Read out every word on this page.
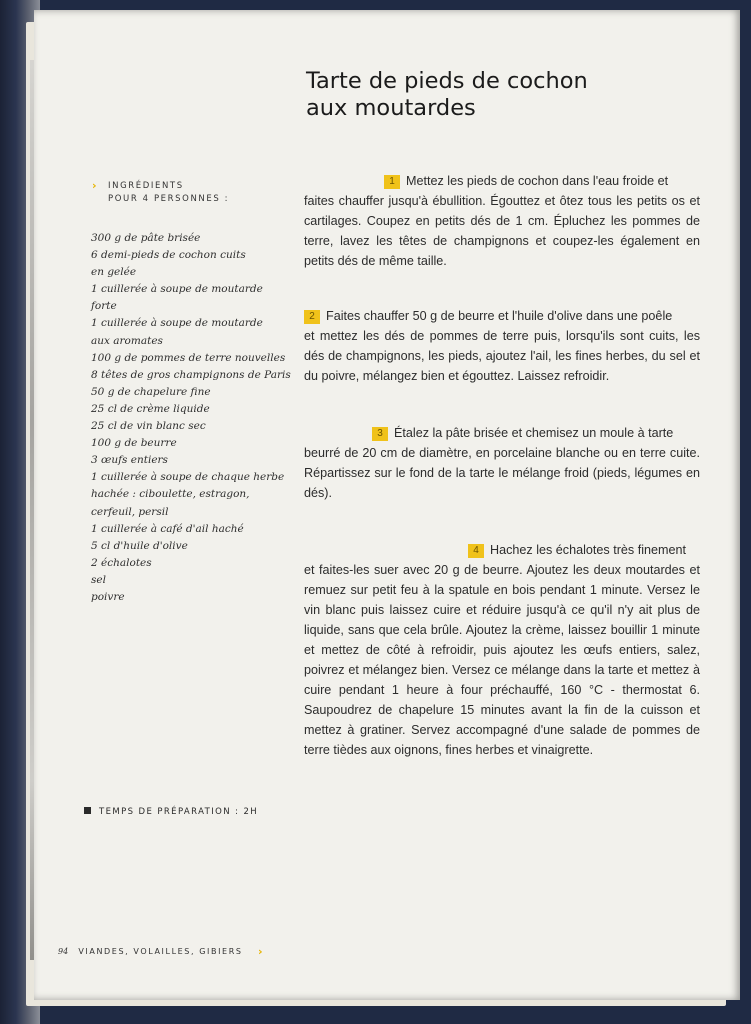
Tarte de pieds de cochon
aux moutardes
›	INGRÉDIENTS
POUR 4 PERSONNES :
300 g de pâte brisée
6 demi-pieds de cochon cuits
en gelée
1 cuillerée à soupe de moutarde forte
1 cuillerée à soupe de moutarde
aux aromates
100 g de pommes de terre nouvelles
8 têtes de gros champignons de Paris
50 g de chapelure fine
25 cl de crème liquide
25 cl de vin blanc sec
100 g de beurre
3 œufs entiers
1 cuillerée à soupe de chaque herbe
hachée : ciboulette, estragon,
cerfeuil, persil
1 cuillerée à café d'ail haché
5 cl d'huile d'olive
2 échalotes
sel
poivre

1 Mettez les pieds de cochon dans l'eau froide et
faites chauffer jusqu'à ébullition. Égouttez et ôtez tous les petits os et cartilages. Coupez en petits dés de 1 cm. Épluchez les pommes de terre, lavez les têtes de champignons et coupez-les également en petits dés de même taille.

2 Faites chauffer 50 g de beurre et l'huile d'olive dans une poêle
et mettez les dés de pommes de terre puis, lorsqu'ils sont cuits, les dés de champignons, les pieds, ajoutez l'ail, les fines herbes, du sel et du poivre, mélangez bien et égouttez. Laissez refroidir.

3 Étalez la pâte brisée et chemisez un moule à tarte
beurré de 20 cm de diamètre, en porcelaine blanche ou en terre cuite. Répartissez sur le fond de la tarte le mélange froid (pieds, légumes en dés).

4 Hachez les échalotes très finement
et faites-les suer avec 20 g de beurre. Ajoutez les deux moutardes et remuez sur petit feu à la spatule en bois pendant 1 minute. Versez le vin blanc puis laissez cuire et réduire jusqu'à ce qu'il n'y ait plus de liquide, sans que cela brûle. Ajoutez la crème, laissez bouillir 1 minute et mettez de côté à refroidir, puis ajoutez les œufs entiers, salez, poivrez et mélangez bien. Versez ce mélange dans la tarte et mettez à cuire pendant 1 heure à four préchauffé, 160 °C - thermostat 6. Saupoudrez de chapelure 15 minutes avant la fin de la cuisson et mettez à gratiner. Servez accompagné d'une salade de pommes de terre tièdes aux oignons, fines herbes et vinaigrette.

TEMPS DE PRÉPARATION : 2H
94 VIANDES, VOLAILLES, GIBIERS ›
